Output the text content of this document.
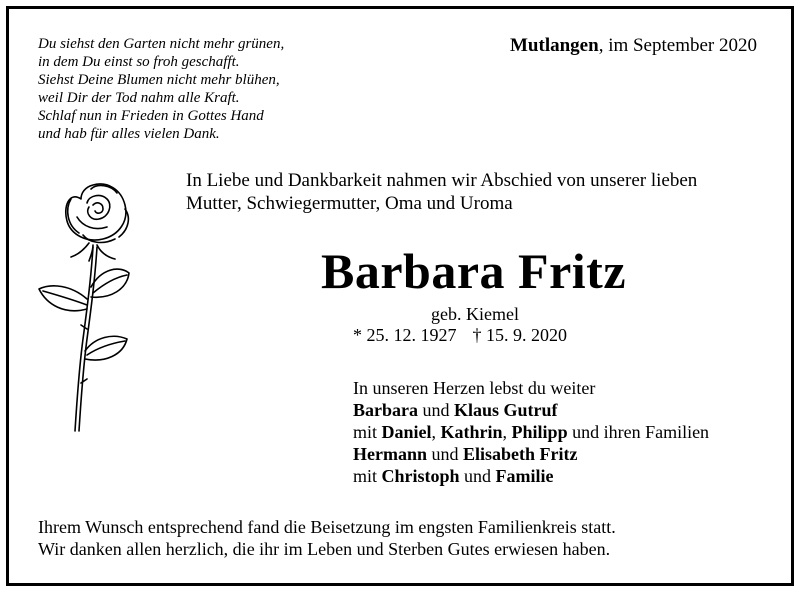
Du siehst den Garten nicht mehr grünen,
in dem Du einst so froh geschafft.
Siehst Deine Blumen nicht mehr blühen,
weil Dir der Tod nahm alle Kraft.
Schlaf nun in Frieden in Gottes Hand
und hab für alles vielen Dank.
Mutlangen, im September 2020
In Liebe und Dankbarkeit nahmen wir Abschied von unserer lieben
Mutter, Schwiegermutter, Oma und Uroma
Barbara Fritz
geb. Kiemel
* 25. 12. 1927 † 15. 9. 2020
In unseren Herzen lebst du weiter
Barbara und Klaus Gutruf
mit Daniel, Kathrin, Philipp und ihren Familien
Hermann und Elisabeth Fritz
mit Christoph und Familie
Ihrem Wunsch entsprechend fand die Beisetzung im engsten Familienkreis statt.
Wir danken allen herzlich, die ihr im Leben und Sterben Gutes erwiesen haben.
